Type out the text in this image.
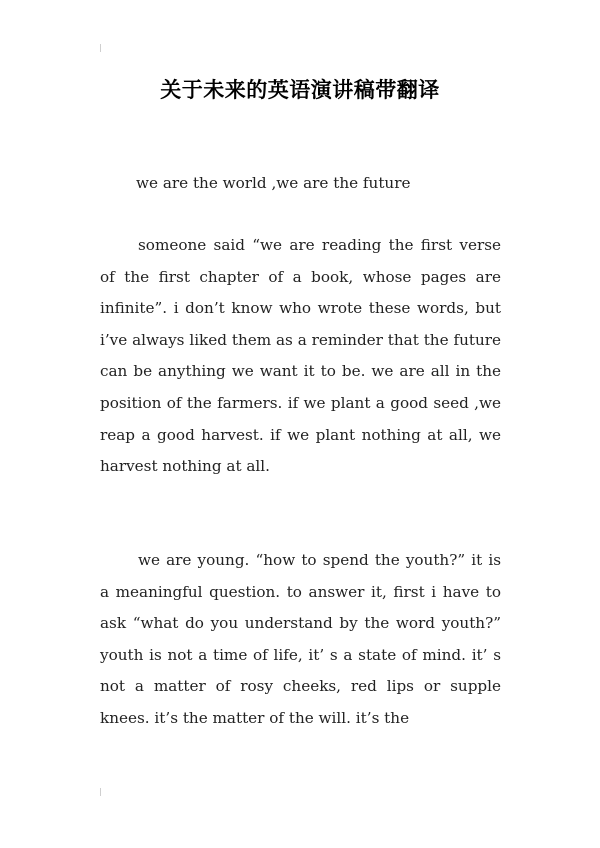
关于未来的英语演讲稿带翻译

we are the world ,we are the future

someone said “we are reading the first verse of the first chapter of a book, whose pages are infinite”. i don’t know who wrote these words, but i’ve always liked them as a reminder that the future can be anything we want it to be. we are all in the position of the farmers. if we plant a good seed ,we reap a good harvest. if we plant nothing at all, we harvest nothing at all.

we are young. “how to spend the youth?” it is a meaningful question. to answer it, first i have to ask “what do you understand by the word youth?” youth is not a time of life, it’ s a state of mind. it’ s not a matter of rosy cheeks, red lips or supple knees. it’s the matter of the will. it’s the
